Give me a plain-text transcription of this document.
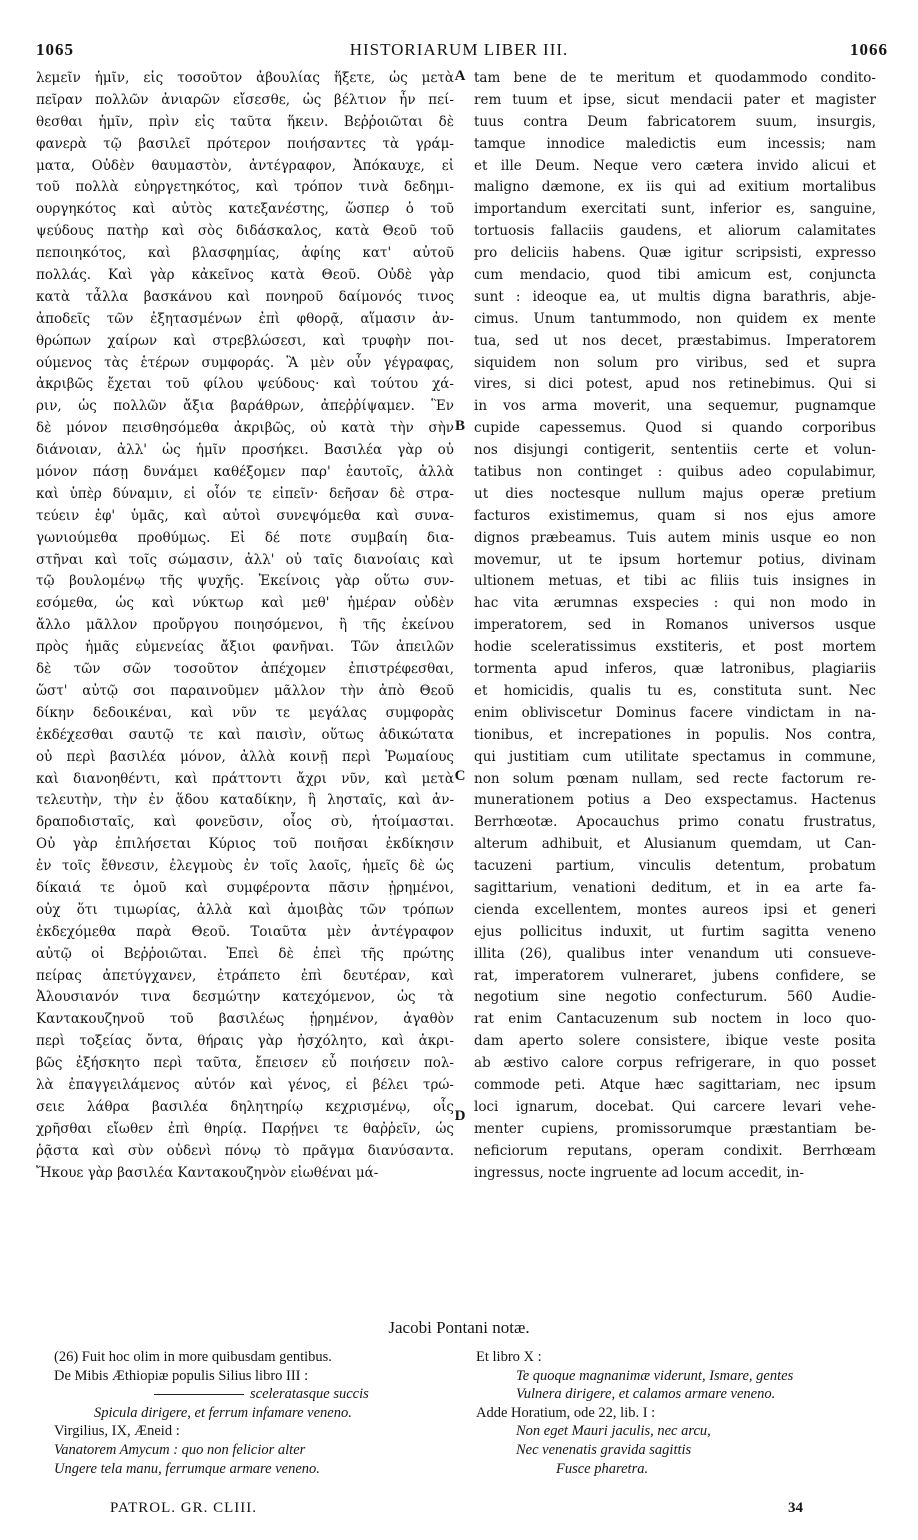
1065	HISTORIARUM LIBER III.	1066
λεμεῖν ἡμῖν, εἰς τοσοῦτον ἀβουλίας ἥξετε, ὡς μετὰ
πεῖραν πολλῶν ἀνιαρῶν εἴσεσθε, ὡς βέλτιον ἦν πεί-
θεσθαι ἡμῖν, πρὶν εἰς ταῦτα ἥκειν. Βεῤῥοιῶται δὲ
φανερὰ τῷ βασιλεῖ πρότερον ποιήσαντες τὰ γράμ-
ματα, Οὐδὲν θαυμαστὸν, ἀντέγραφον, Ἀπόκαυχε, εἰ
τοῦ πολλὰ εὐηργετηκότος, καὶ τρόπον τινὰ δεδημι-
ουργηκότος καὶ αὐτὸς κατεξανέστης, ὥσπερ ὁ τοῦ
ψεύδους πατὴρ καὶ σὸς διδάσκαλος, κατὰ Θεοῦ τοῦ
πεποιηκότος, καὶ βλασφημίας, ἀφίης κατ' αὐτοῦ
πολλάς. Καὶ γὰρ κἀκεῖνος κατὰ Θεοῦ. Οὐδὲ γὰρ
κατὰ τἆλλα βασκάνου καὶ πονηροῦ δαίμονός τινος
ἀποδεῖς τῶν ἐξητασμένων ἐπὶ φθορᾷ, αἵμασιν ἀν-
θρώπων χαίρων καὶ στρεβλώσεσι, καὶ τρυφὴν ποι-
ούμενος τὰς ἑτέρων συμφοράς. Ἃ μὲν οὖν γέγραφας,
ἀκριβῶς ἔχεται τοῦ φίλου ψεύδους· καὶ τούτου χά-
ριν, ὡς πολλῶν ἄξια βαράθρων, ἀπεῤῥίψαμεν. Ἓν
δὲ μόνον πεισθησόμεθα ἀκριβῶς, οὐ κατὰ τὴν σὴν
διάνοιαν, ἀλλ' ὡς ἡμῖν προσήκει. Βασιλέα γὰρ οὐ
μόνον πάσῃ δυνάμει καθέξομεν παρ' ἑαυτοῖς, ἀλλὰ
καὶ ὑπὲρ δύναμιν, εἰ οἷόν τε εἰπεῖν· δεῆσαν δὲ στρα-
τεύειν ἐφ' ὑμᾶς, καὶ αὐτοὶ συνεψόμεθα καὶ συνα-
γωνιούμεθα προθύμως. Εἰ δέ ποτε συμβαίη δια-
στῆναι καὶ τοῖς σώμασιν, ἀλλ' οὐ ταῖς διανοίαις καὶ
τῷ βουλομένῳ τῆς ψυχῆς. Ἐκείνοις γὰρ οὕτω συν-
εσόμεθα, ὡς καὶ νύκτωρ καὶ μεθ' ἡμέραν οὐδὲν
ἄλλο μᾶλλον προὔργου ποιησόμενοι, ἢ τῆς ἐκείνου
πρὸς ἡμᾶς εὐμενείας ἄξιοι φανῆναι. Τῶν ἀπειλῶν
δὲ τῶν σῶν τοσοῦτον ἀπέχομεν ἐπιστρέφεσθαι,
ὥστ' αὐτῷ σοι παραινοῦμεν μᾶλλον τὴν ἀπὸ Θεοῦ
δίκην δεδοικέναι, καὶ νῦν τε μεγάλας συμφορὰς
ἐκδέχεσθαι σαυτῷ τε καὶ παισὶν, οὕτως ἀδικώτατα
οὐ περὶ βασιλέα μόνον, ἀλλὰ κοινῇ περὶ Ῥωμαίους
καὶ διανοηθέντι, καὶ πράττοντι ἄχρι νῦν, καὶ μετὰ
τελευτὴν, τὴν ἐν ᾅδου καταδίκην, ἣ λησταῖς, καὶ ἀν-
δραποδισταῖς, καὶ φονεῦσιν, οἷος σὺ, ἡτοίμασται.
Οὐ γὰρ ἐπιλήσεται Κύριος τοῦ ποιῆσαι ἐκδίκησιν
ἐν τοῖς ἔθνεσιν, ἐλεγμοὺς ἐν τοῖς λαοῖς, ἡμεῖς δὲ ὡς
δίκαιά τε ὁμοῦ καὶ συμφέροντα πᾶσιν ᾑρημένοι,
οὐχ ὅτι τιμωρίας, ἀλλὰ καὶ ἀμοιβὰς τῶν τρόπων
ἐκδεχόμεθα παρὰ Θεοῦ. Τοιαῦτα μὲν ἀντέγραφον
αὐτῷ οἱ Βεῤῥοιῶται. Ἐπεὶ δὲ ἐπεὶ τῆς πρώτης
πείρας ἀπετύγχανεν, ἐτράπετο ἐπὶ δευτέραν, καὶ
Ἀλουσιανόν τινα δεσμώτην κατεχόμενον, ὡς τὰ
Καντακουζηνοῦ τοῦ βασιλέως ᾑρημένον, ἀγαθὸν
περὶ τοξείας ὄντα, θήραις γὰρ ἠσχόλητο, καὶ ἀκρι-
βῶς ἐξήσκητο περὶ ταῦτα, ἔπεισεν εὖ ποιήσειν πολ-
λὰ ἐπαγγειλάμενος αὐτόν καὶ γένος, εἰ βέλει τρώ-
σειε λάθρα βασιλέα δηλητηρίῳ κεχρισμένῳ, οἷς
χρῆσθαι εἴωθεν ἐπὶ θηρίᾳ. Παρῄνει τε θαῤῥεῖν, ὡς
ῥᾷστα καὶ σὺν οὐδενὶ πόνῳ τὸ πρᾶγμα διανύσαντα.
Ἤκουε γὰρ βασιλέα Καντακουζηνὸν εἰωθέναι μά-
tam bene de te meritum et quodammodo condito-
rem tuum et ipse, sicut mendacii pater et magister
tuus contra Deum fabricatorem suum, insurgis,
tamque innodice maledictis eum incessis; nam
et ille Deum. Neque vero cætera invido alicui et
maligno dæmone, ex iis qui ad exitium mortalibus
importandum exercitati sunt, inferior es, sanguine,
tortuosis fallaciis gaudens, et aliorum calamitates
pro deliciis habens. Quæ igitur scripsisti, expresso
cum mendacio, quod tibi amicum est, conjuncta
sunt : ideoque ea, ut multis digna barathris, abje-
cimus. Unum tantummodo, non quidem ex mente
tua, sed ut nos decet, præstabimus. Imperatorem
siquidem non solum pro viribus, sed et supra
vires, si dici potest, apud nos retinebimus. Qui si
in vos arma moverit, una sequemur, pugnamque
cupide capessemus. Quod si quando corporibus
nos disjungi contigerit, sententiis certe et volun-
tatibus non continget : quibus adeo copulabimur,
ut dies noctesque nullum majus operæ pretium
facturos existimemus, quam si nos ejus amore
dignos præbeamus. Tuis autem minis usque eo non
movemur, ut te ipsum hortemur potius, divinam
ultionem metuas, et tibi ac filiis tuis insignes in
hac vita ærumnas exspecies : qui non modo in
imperatorem, sed in Romanos universos usque
hodie sceleratissimus exstiteris, et post mortem
tormenta apud inferos, quæ latronibus, plagiariis
et homicidis, qualis tu es, constituta sunt. Nec
enim obliviscetur Dominus facere vindictam in na-
tionibus, et increpationes in populis. Nos contra,
qui justitiam cum utilitate spectamus in commune,
non solum pœnam nullam, sed recte factorum re-
munerationem potius a Deo exspectamus. Hactenus
Berrhœotæ. Apocauchus primo conatu frustratus,
alterum adhibuit, et Alusianum quemdam, ut Can-
tacuzeni partium, vinculis detentum, probatum
sagittarium, venationi deditum, et in ea arte fa-
cienda excellentem, montes aureos ipsi et generi
ejus pollicitus induxit, ut furtim sagitta veneno
illita (26), qualibus inter venandum uti consueve-
rat, imperatorem vulneraret, jubens confidere, se
negotium sine negotio confecturum. 560 Audie-
rat enim Cantacuzenum sub noctem in loco quo-
dam aperto solere consistere, ibique veste posita
ab æstivo calore corpus refrigerare, in quo posset
commode peti. Atque hæc sagittariam, nec ipsum
loci ignarum, docebat. Qui carcere levari vehe-
menter cupiens, promissorumque præstantiam be-
neficiorum reputans, operam condixit. Berrhœam
ingressus, nocte ingruente ad locum accedit, in-
A
B
C
D
Jacobi Pontani notæ.
(26) Fuit hoc olim in more quibusdam gentibus.
De Mibis Æthiopiæ populis Silius libro III :
sceleratasque succis
Spicula dirigere, et ferrum infamare veneno.
Virgilius, IX, Æneid :
Vanatorem Amycum : quo non felicior alter
Ungere tela manu, ferrumque armare veneno.
Et libro X :
Te quoque magnanimæ viderunt, Ismare, gentes
Vulnera dirigere, et calamos armare veneno.
Adde Horatium, ode 22, lib. I :
Non eget Mauri jaculis, nec arcu,
Nec venenatis gravida sagittis
Fusce pharetra.
PATROL. GR. CLIII.	34
